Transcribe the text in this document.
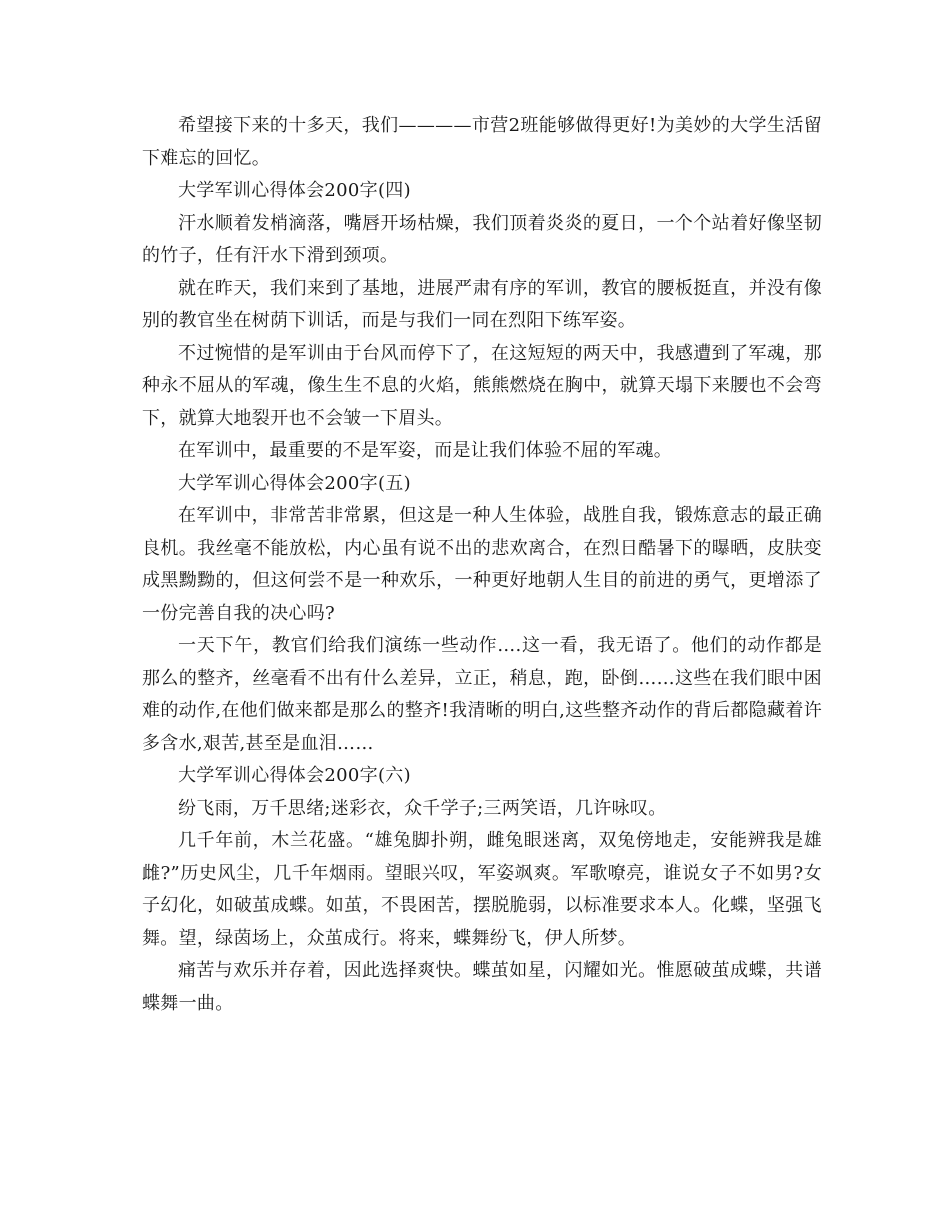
希望接下来的十多天，我们————市营2班能够做得更好!为美妙的大学生活留下难忘的回忆。

大学军训心得体会200字(四)

汗水顺着发梢滴落，嘴唇开场枯燥，我们顶着炎炎的夏日，一个个站着好像坚韧的竹子，任有汗水下滑到颈项。

就在昨天，我们来到了基地，进展严肃有序的军训，教官的腰板挺直，并没有像别的教官坐在树荫下训话，而是与我们一同在烈阳下练军姿。

不过惋惜的是军训由于台风而停下了，在这短短的两天中，我感遭到了军魂，那种永不屈从的军魂，像生生不息的火焰，熊熊燃烧在胸中，就算天塌下来腰也不会弯下，就算大地裂开也不会皱一下眉头。

在军训中，最重要的不是军姿，而是让我们体验不屈的军魂。

大学军训心得体会200字(五)

在军训中，非常苦非常累，但这是一种人生体验，战胜自我，锻炼意志的最正确良机。我丝毫不能放松，内心虽有说不出的悲欢离合，在烈日酷暑下的曝晒，皮肤变成黑黝黝的，但这何尝不是一种欢乐，一种更好地朝人生目的前进的勇气，更增添了一份完善自我的决心吗?

一天下午，教官们给我们演练一些动作….这一看，我无语了。他们的动作都是那么的整齐，丝毫看不出有什么差异，立正，稍息，跑，卧倒……这些在我们眼中困难的动作,在他们做来都是那么的整齐!我清晰的明白,这些整齐动作的背后都隐藏着许多含水,艰苦,甚至是血泪……

大学军训心得体会200字(六)

纷飞雨，万千思绪;迷彩衣，众千学子;三两笑语，几许咏叹。

几千年前，木兰花盛。“雄兔脚扑朔，雌兔眼迷离，双兔傍地走，安能辨我是雄雌?”历史风尘，几千年烟雨。望眼兴叹，军姿飒爽。军歌嘹亮，谁说女子不如男?女子幻化，如破茧成蝶。如茧，不畏困苦，摆脱脆弱，以标准要求本人。化蝶，坚强飞舞。望，绿茵场上，众茧成行。将来，蝶舞纷飞，伊人所梦。

痛苦与欢乐并存着，因此选择爽快。蝶茧如星，闪耀如光。惟愿破茧成蝶，共谱蝶舞一曲。
